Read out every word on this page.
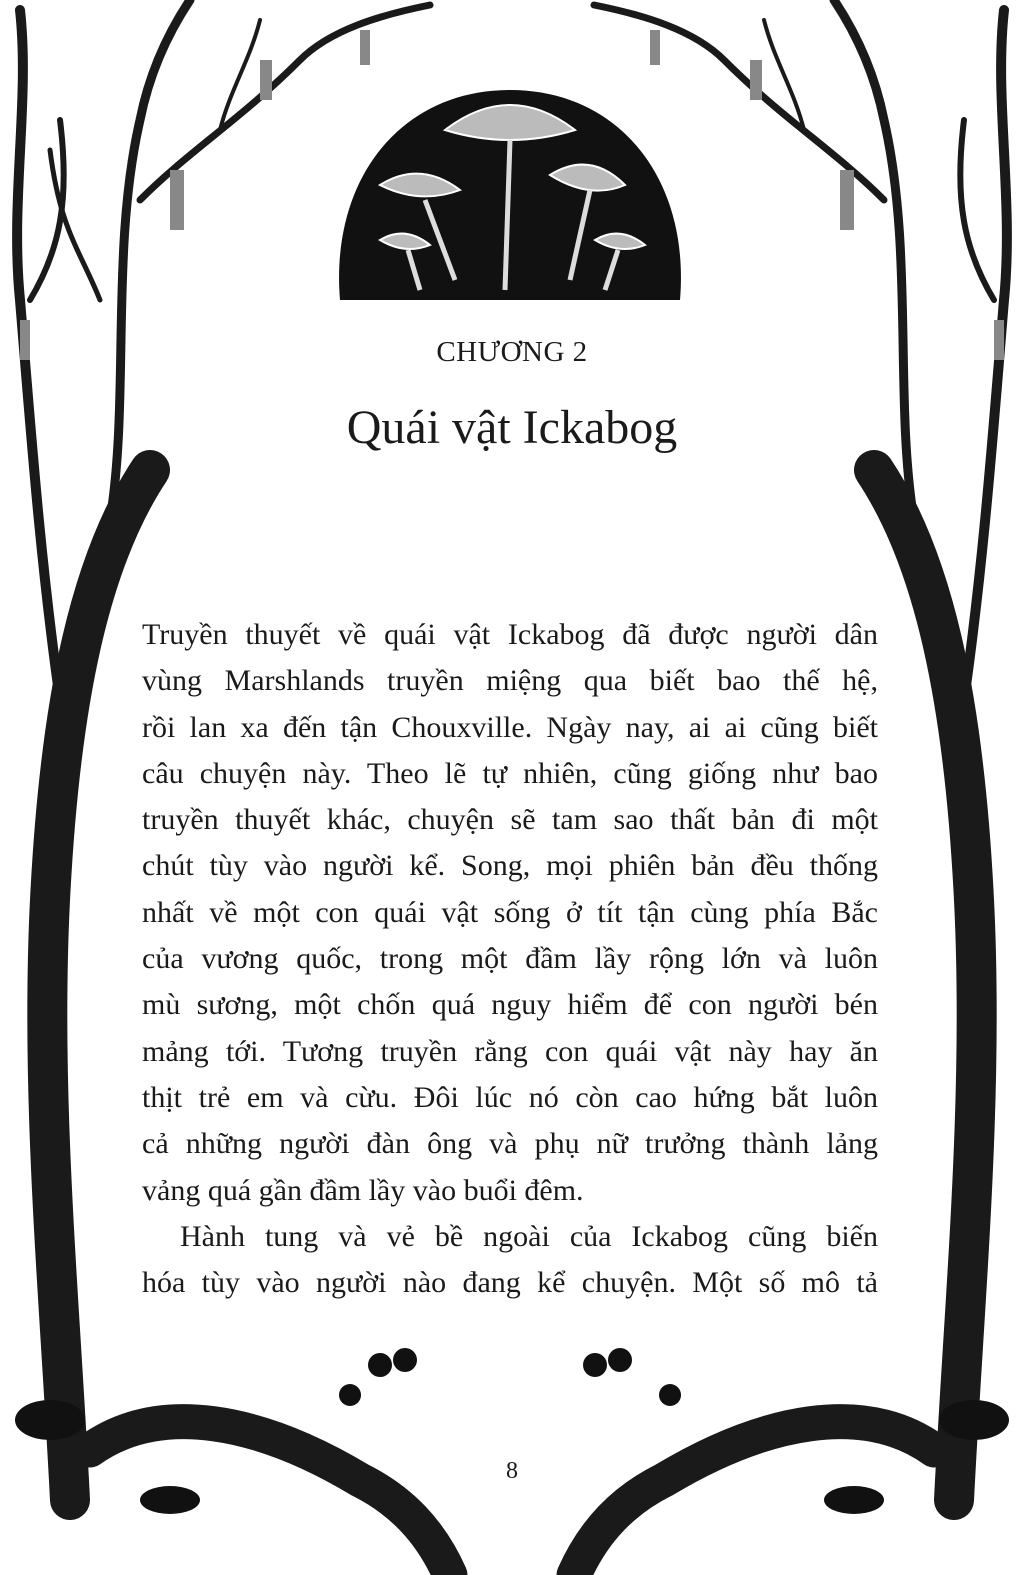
CHƯƠNG 2
Quái vật Ickabog
Truyền thuyết về quái vật Ickabog đã được người dân
vùng Marshlands truyền miệng qua biết bao thế hệ,
rồi lan xa đến tận Chouxville. Ngày nay, ai ai cũng biết
câu chuyện này. Theo lẽ tự nhiên, cũng giống như bao
truyền thuyết khác, chuyện sẽ tam sao thất bản đi một
chút tùy vào người kể. Song, mọi phiên bản đều thống
nhất về một con quái vật sống ở tít tận cùng phía Bắc
của vương quốc, trong một đầm lầy rộng lớn và luôn
mù sương, một chốn quá nguy hiểm để con người bén
mảng tới. Tương truyền rằng con quái vật này hay ăn
thịt trẻ em và cừu. Đôi lúc nó còn cao hứng bắt luôn
cả những người đàn ông và phụ nữ trưởng thành lảng
vảng quá gần đầm lầy vào buổi đêm.
Hành tung và vẻ bề ngoài của Ickabog cũng biến
hóa tùy vào người nào đang kể chuyện. Một số mô tả
8
